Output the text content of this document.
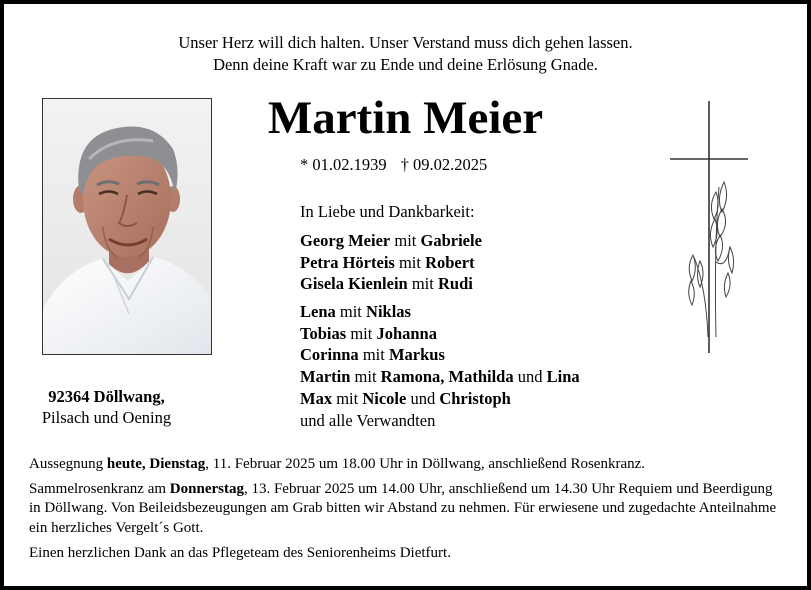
Unser Herz will dich halten. Unser Verstand muss dich gehen lassen.
Denn deine Kraft war zu Ende und deine Erlösung Gnade.
Martin Meier
* 01.02.1939 † 09.02.2025
In Liebe und Dankbarkeit:
Georg Meier mit Gabriele
Petra Hörteis mit Robert
Gisela Kienlein mit Rudi
Lena mit Niklas
Tobias mit Johanna
Corinna mit Markus
Martin mit Ramona, Mathilda und Lina
Max mit Nicole und Christoph
und alle Verwandten
92364 Döllwang,
Pilsach und Oening
Aussegnung heute, Dienstag, 11. Februar 2025 um 18.00 Uhr in Döllwang, anschließend Rosenkranz.
Sammelrosenkranz am Donnerstag, 13. Februar 2025 um 14.00 Uhr, anschließend um 14.30 Uhr Requiem und Beerdigung in Döllwang. Von Beileidsbezeugungen am Grab bitten wir Abstand zu nehmen. Für erwiesene und zugedachte Anteilnahme ein herzliches Vergelt´s Gott.
Einen herzlichen Dank an das Pflegeteam des Seniorenheims Dietfurt.
